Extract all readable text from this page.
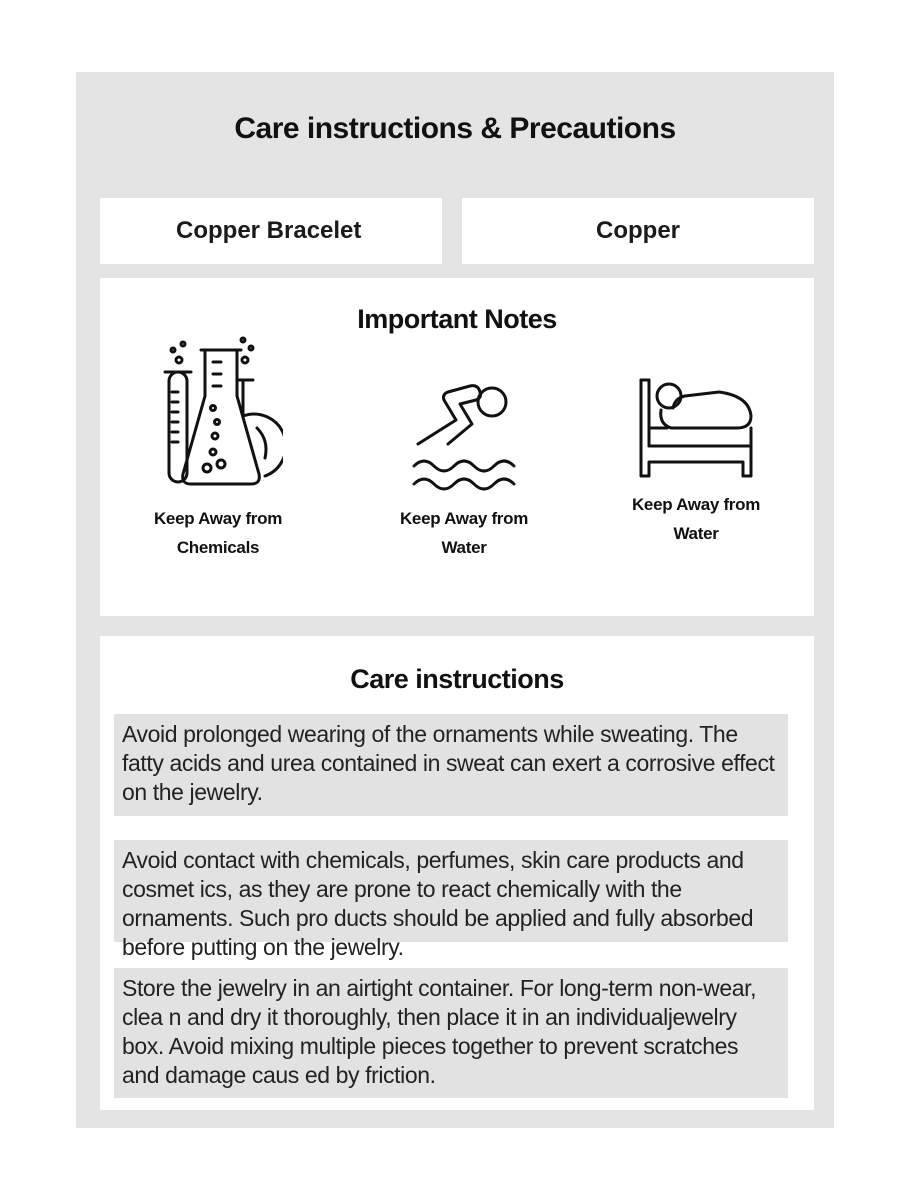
Care instructions & Precautions
Copper Bracelet	Copper
Important Notes
Keep Away from
Chemicals
Keep Away from
Water
Keep Away from
Water
Care instructions
Avoid prolonged wearing of the ornaments while sweating. The fatty acids and urea contained in sweat can exert a corrosive effect on the jewelry.
Avoid contact with chemicals, perfumes, skin care products and cosmet ics, as they are prone to react chemically with the ornaments. Such pro ducts should be applied and fully absorbed before putting on the jewelry.
Store the jewelry in an airtight container. For long-term non-wear, clea n and dry it thoroughly, then place it in an individualjewelry box. Avoid mixing multiple pieces together to prevent scratches and damage caus ed by friction.
